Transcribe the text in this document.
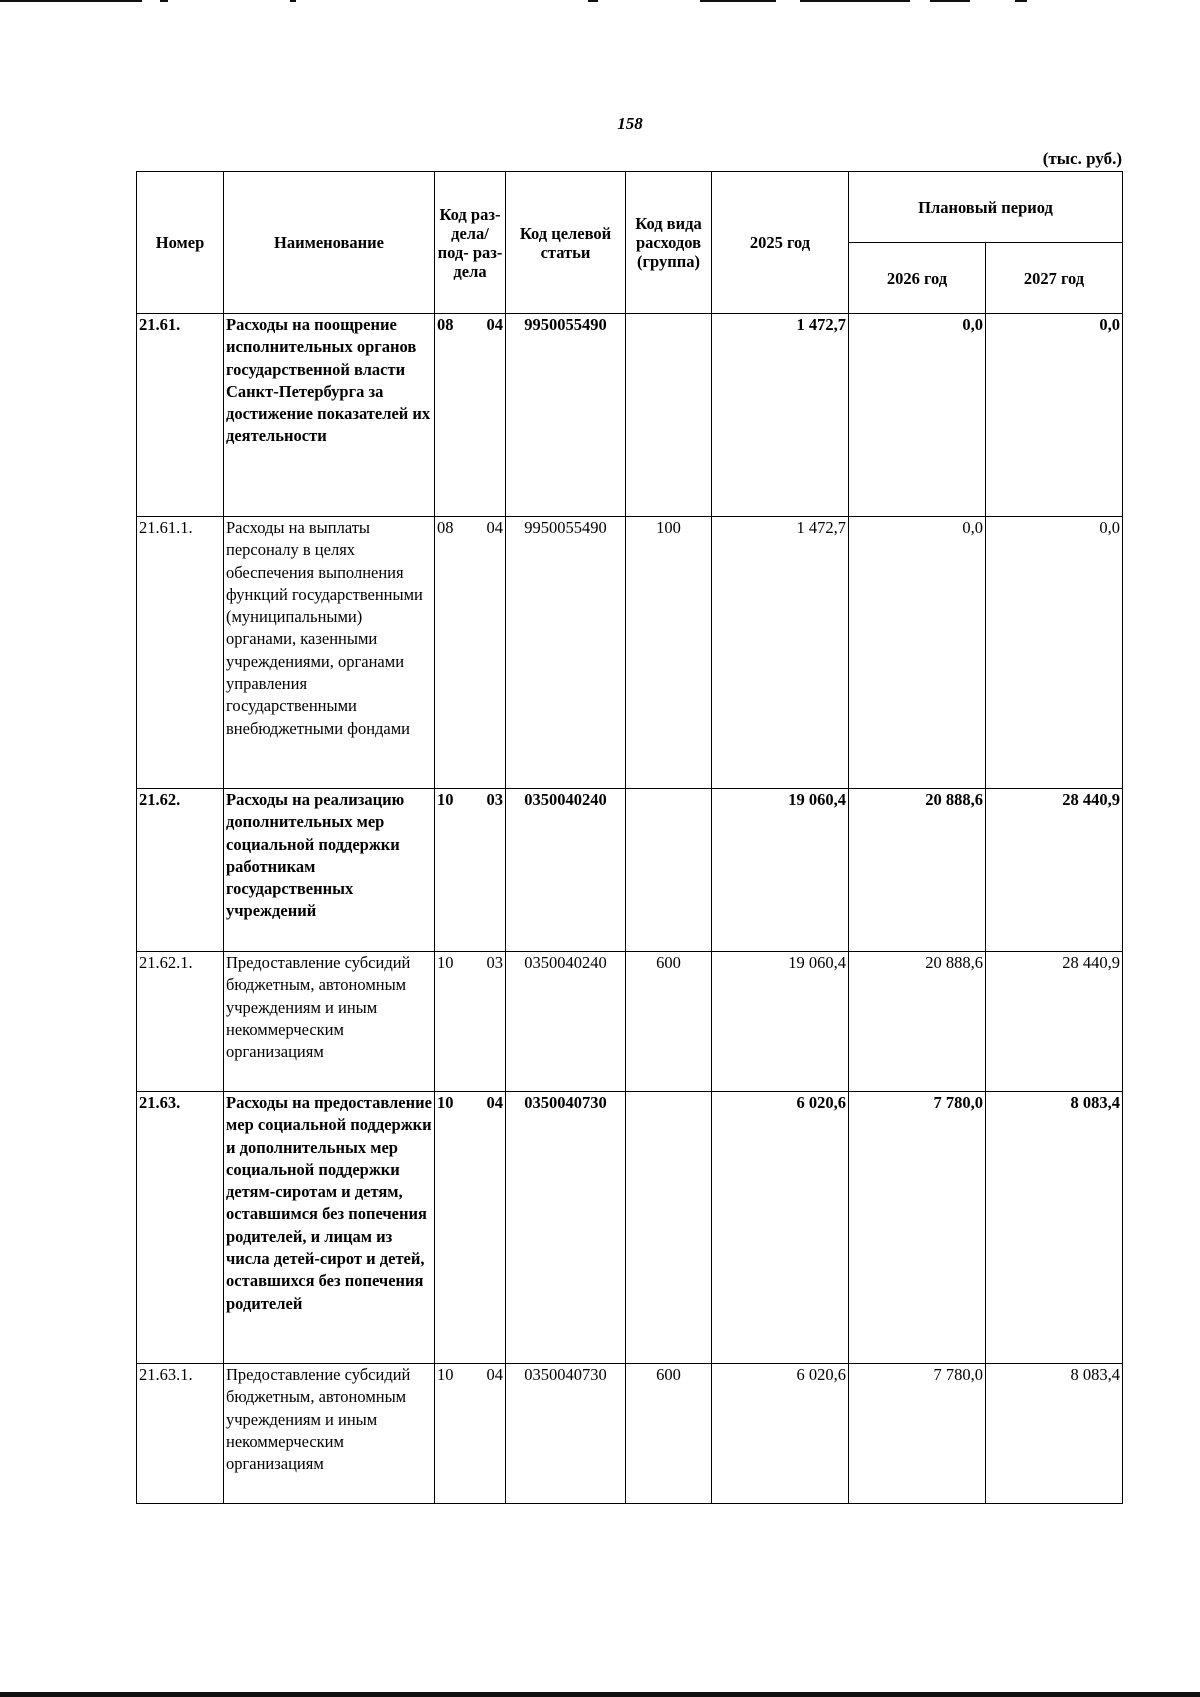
158
(тыс. руб.)
Номер	Наименование	Код раз- дела/ под- раз- дела	Код целевой статьи	Код вида расходов (группа)	2025 год	Плановый период	
						2026 год	2027 год
21.61.	Расходы на поощрение исполнительных органов государственной власти Санкт-Петербурга за достижение показателей их деятельности	08 04	9950055490		1 472,7	0,0	0,0
21.61.1.	Расходы на выплаты персоналу в целях обеспечения выполнения функций государственными (муниципальными) органами, казенными учреждениями, органами управления государственными внебюджетными фондами	08 04	9950055490	100	1 472,7	0,0	0,0
21.62.	Расходы на реализацию дополнительных мер социальной поддержки работникам государственных учреждений	10 03	0350040240		19 060,4	20 888,6	28 440,9
21.62.1.	Предоставление субсидий бюджетным, автономным учреждениям и иным некоммерческим организациям	10 03	0350040240	600	19 060,4	20 888,6	28 440,9
21.63.	Расходы на предоставление мер социальной поддержки и дополнительных мер социальной поддержки детям-сиротам и детям, оставшимся без попечения родителей, и лицам из числа детей-сирот и детей, оставшихся без попечения родителей	10 04	0350040730		6 020,6	7 780,0	8 083,4
21.63.1.	Предоставление субсидий бюджетным, автономным учреждениям и иным некоммерческим организациям	10 04	0350040730	600	6 020,6	7 780,0	8 083,4
